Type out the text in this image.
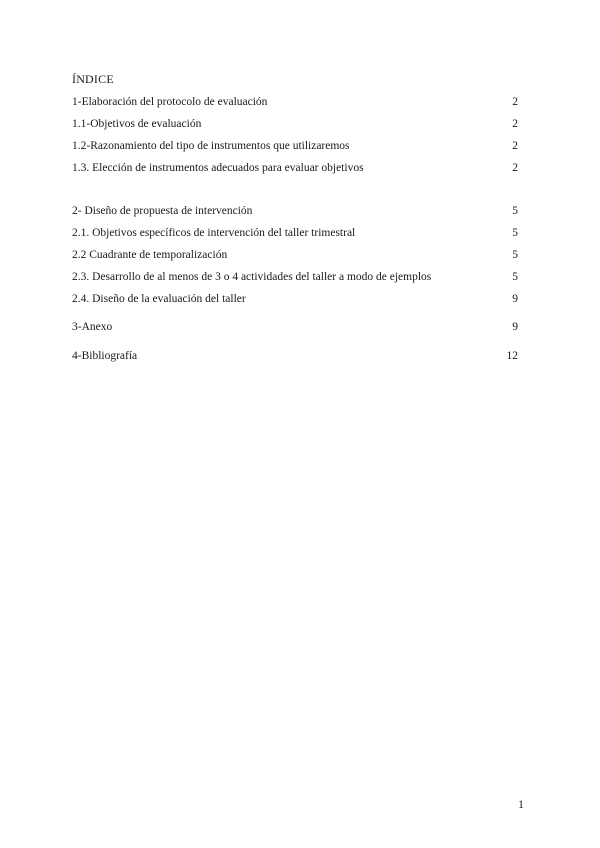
ÍNDICE
1-Elaboración del protocolo de evaluación	2
1.1-Objetivos de evaluación	2
1.2-Razonamiento del tipo de instrumentos que utilizaremos	2
1.3. Elección de instrumentos adecuados para evaluar objetivos	2
2- Diseño de propuesta de intervención	5
2.1. Objetivos específicos de intervención del taller trimestral	5
2.2 Cuadrante de temporalización	5
2.3. Desarrollo de al menos de 3 o 4 actividades del taller a modo de ejemplos	5
2.4. Diseño de la evaluación del taller	9
3-Anexo	9
4-Bibliografía	12
1
